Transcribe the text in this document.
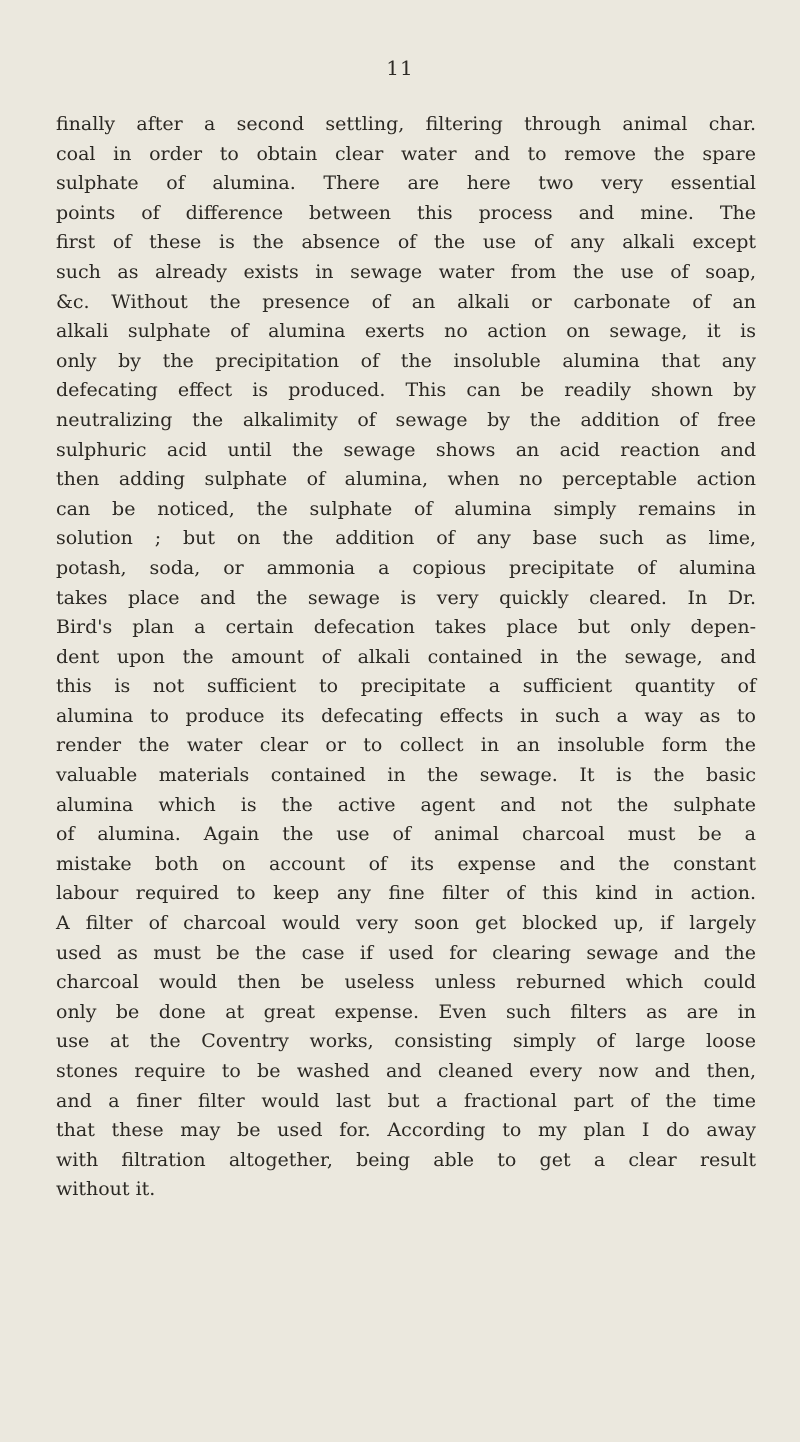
11
finally after a second settling, filtering through animal char.
coal in order to obtain clear water and to remove the spare
sulphate of alumina. There are here two very essential
points of difference between this process and mine. The
first of these is the absence of the use of any alkali except
such as already exists in sewage water from the use of soap,
&c. Without the presence of an alkali or carbonate of an
alkali sulphate of alumina exerts no action on sewage, it is
only by the precipitation of the insoluble alumina that any
defecating effect is produced. This can be readily shown by
neutralizing the alkalimity of sewage by the addition of free
sulphuric acid until the sewage shows an acid reaction and
then adding sulphate of alumina, when no perceptable action
can be noticed, the sulphate of alumina simply remains in
solution ; but on the addition of any base such as lime,
potash, soda, or ammonia a copious precipitate of alumina
takes place and the sewage is very quickly cleared. In Dr.
Bird's plan a certain defecation takes place but only depen-
dent upon the amount of alkali contained in the sewage, and
this is not sufficient to precipitate a sufficient quantity of
alumina to produce its defecating effects in such a way as to
render the water clear or to collect in an insoluble form the
valuable materials contained in the sewage. It is the basic
alumina which is the active agent and not the sulphate
of alumina. Again the use of animal charcoal must be a
mistake both on account of its expense and the constant
labour required to keep any fine filter of this kind in action.
A filter of charcoal would very soon get blocked up, if largely
used as must be the case if used for clearing sewage and the
charcoal would then be useless unless reburned which could
only be done at great expense. Even such filters as are in
use at the Coventry works, consisting simply of large loose
stones require to be washed and cleaned every now and then,
and a finer filter would last but a fractional part of the time
that these may be used for. According to my plan I do away
with filtration altogether, being able to get a clear result
without it.
